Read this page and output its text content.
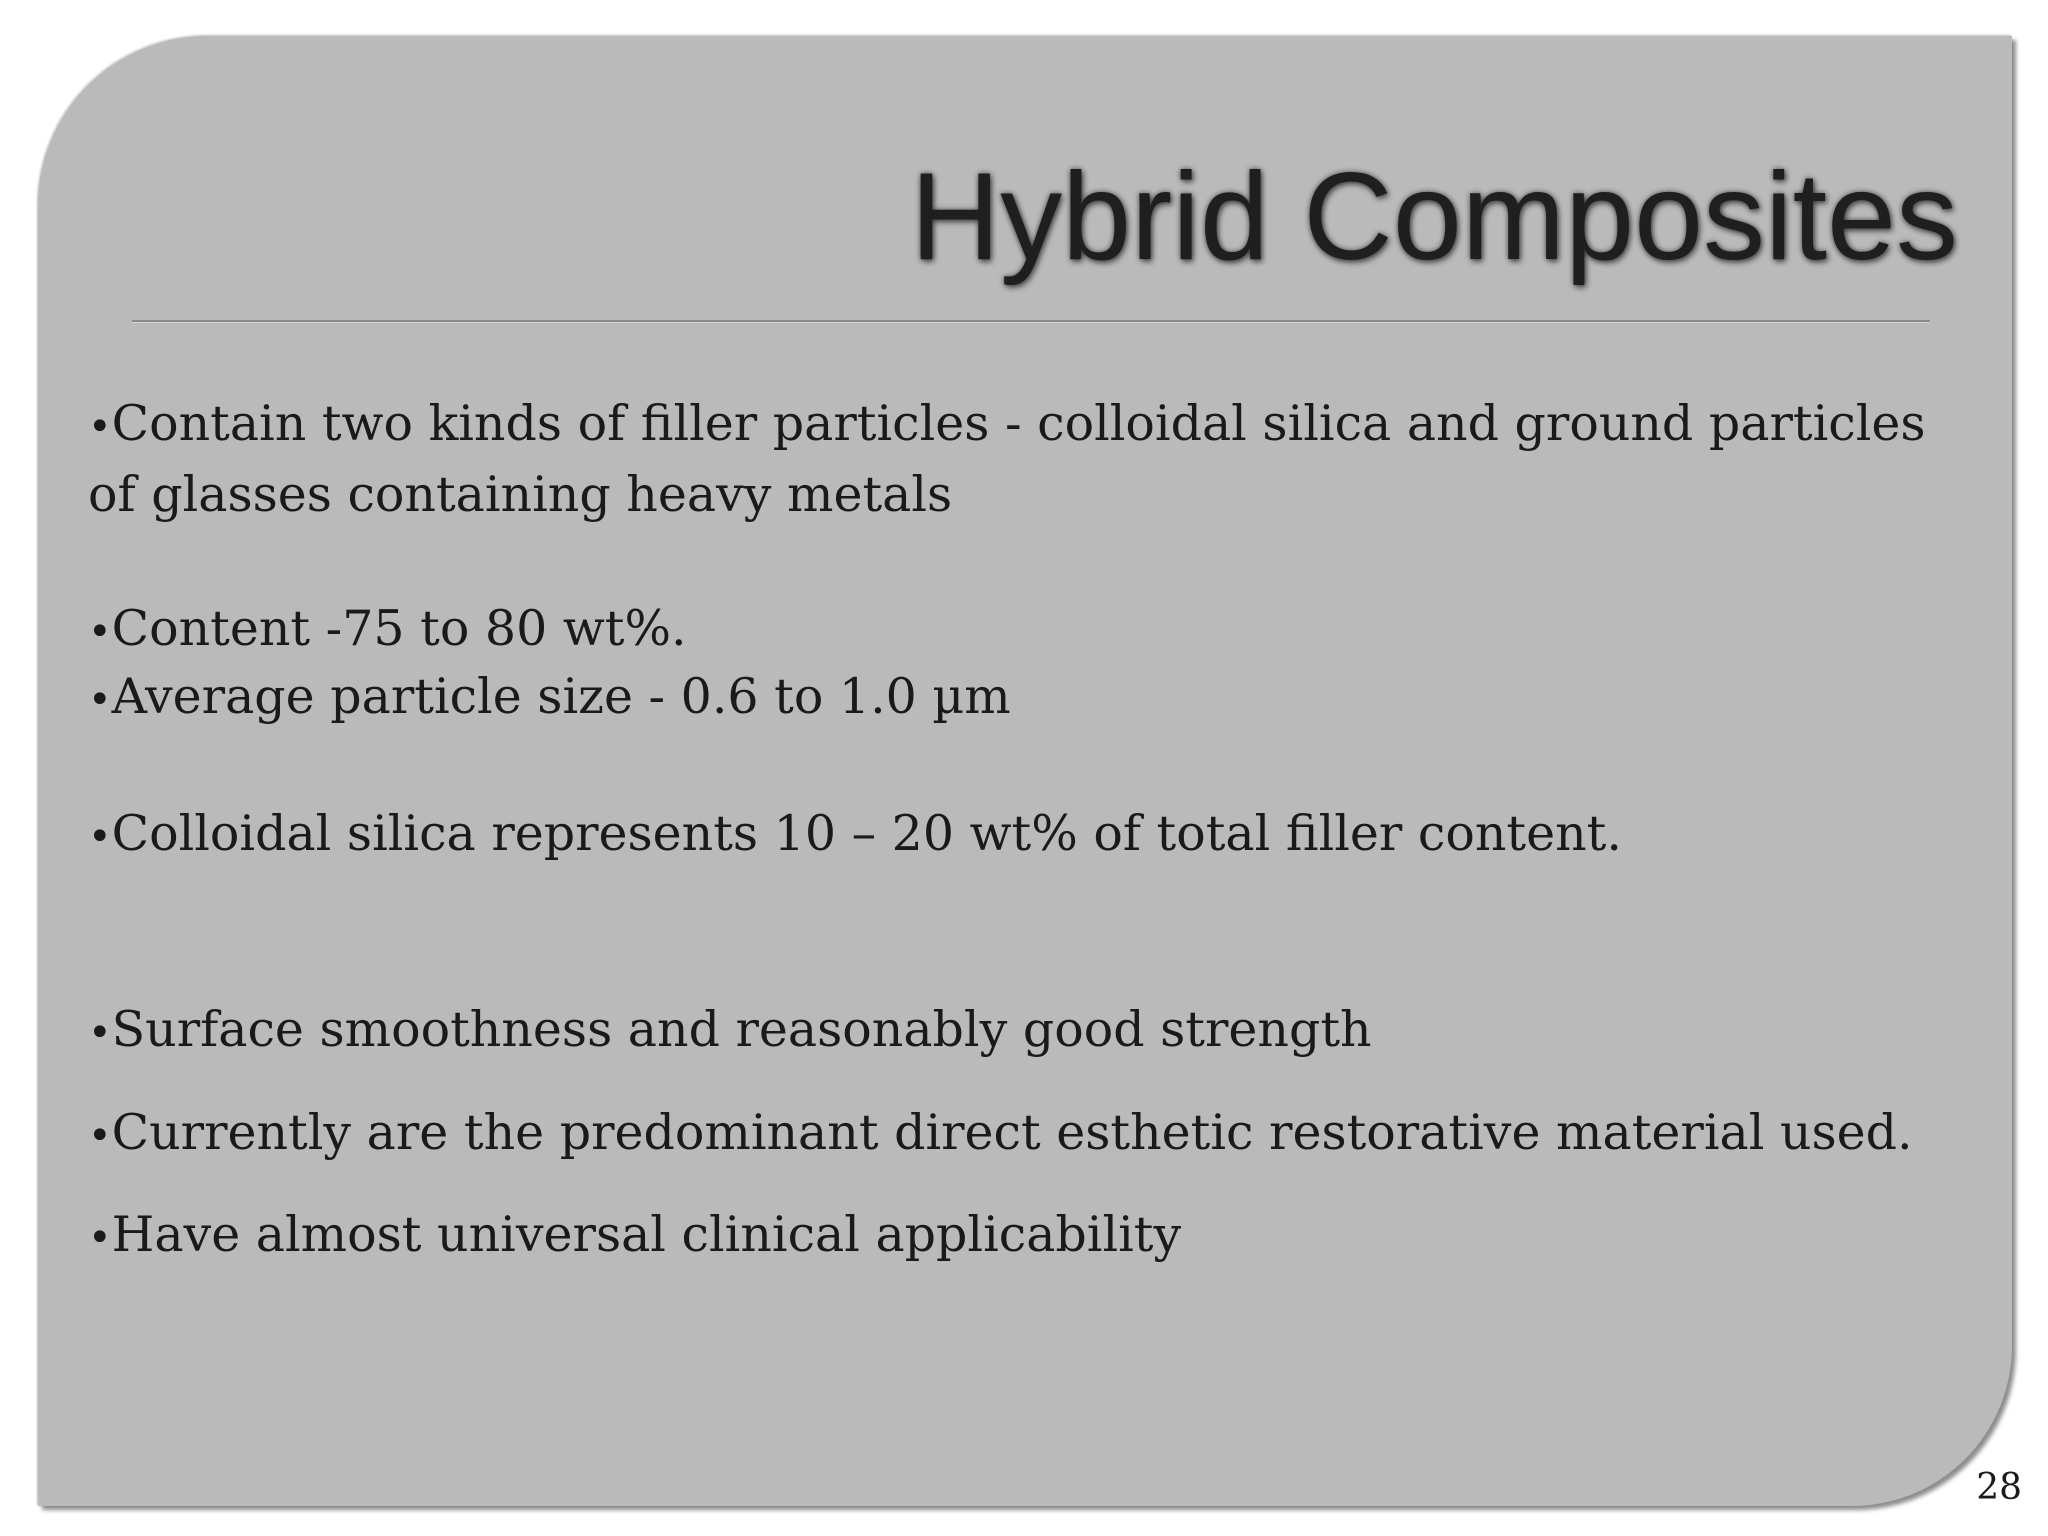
Hybrid Composites

•Contain two kinds of filler particles - colloidal silica and ground particles of glasses containing heavy metals

•Content -75 to 80 wt%.

•Average particle size - 0.6 to 1.0 µm

•Colloidal silica represents 10 – 20 wt% of total filler content.

•Surface smoothness and reasonably good strength

•Currently are the predominant direct esthetic restorative material used.

•Have almost universal clinical applicability

28
